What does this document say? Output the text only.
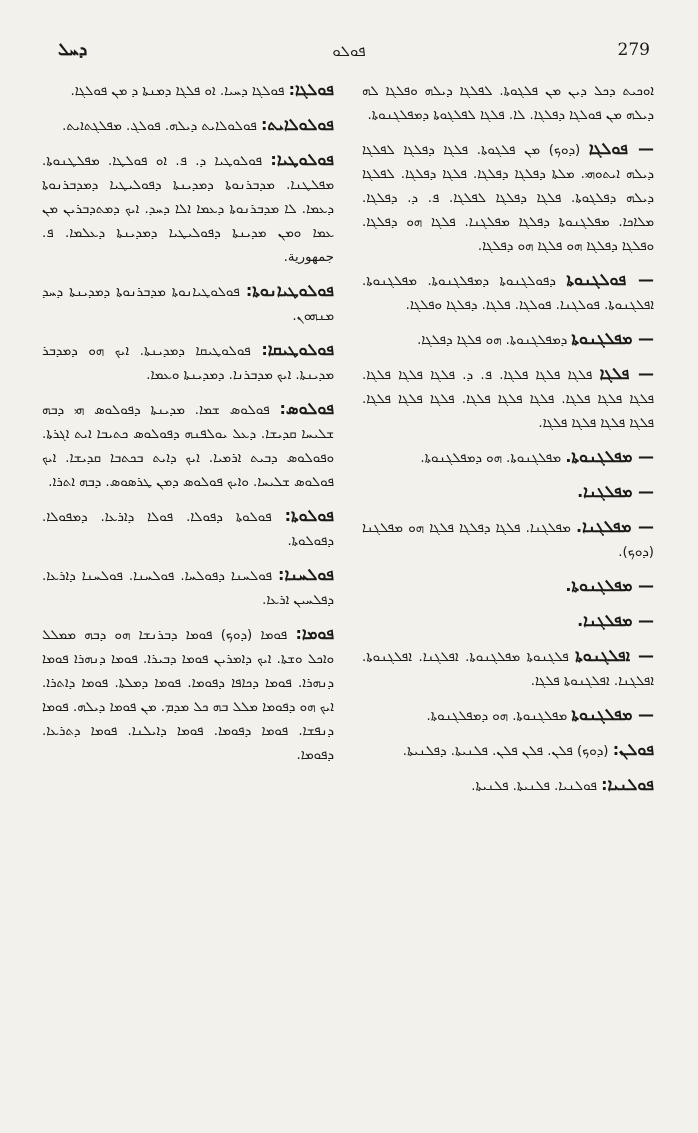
ܕܚܠ	ܦܘܠܘ	279

ܦܘܠܓܐ: ܦܘܠܓܐ ܕܚܝܐ. ܐܘ ܦܠܓܐ ܕܡܢܬܐ ܕ ܡܢ ܦܘܠܓܐ.

ܦܘܠܘܠܐܝܬ: ܦܘܠܘܠܐܝܬ ܕܝܠܗ. ܦܘܠܓ. ܡܦܠܓܬܐܝܬ.

ܦܘܠܘܛܝܐ: ܦܘܠܘܛܝܐ ܕ. ܦ. ܐܘ ܦܘܠܛܐ. ܡܦܠܛܢܘܬܐ. ܡܦܠܛܢܐ. ܡܕܒܪܢܘܬܐ ܕܡܕܝܢܬܐ ܕܦܘܠܝܛܝܐ ܕܡܕܒܪܢܘܬܐ ܕܥܡܐ. ܠܐ ܡܕܒܪܢܘܬܐ ܕܥܡܐ ܐܠܐ ܕܚܕ. ܐܝܟ ܕܡܬܕܒܪܝܢ ܡܢ ܥܡܐ ܘܡܢ ܡܕܝܢܬܐ ܕܦܘܠܝܛܝܐ ܕܡܕܝܢܬܐ ܕܥܠܡܐ. ܦ. جمهورية.

ܦܘܠܘܛܝܐܢܘܬܐ: ܦܘܠܘܛܝܐܢܘܬܐ ܡܕܒܪܢܘܬܐ ܕܡܕܝܢܬܐ ܕܚܕ ܡܢܗܘܢ.

ܦܘܠܘܛܝܩܐ: ܦܘܠܘܛܝܩܐ ܕܡܕܝܢܬܐ. ܐܝܟ ܗܘ ܕܡܕܒܪ ܡܕܝܢܬܐ. ܐܝܟ ܡܕܒܪܢܐ. ܕܡܕܝܢܬܐ ܘܥܡܐ.

ܦܘܠܘܣ: ܦܘܠܘܣ ܫܡܐ. ܡܕܝܢܬܐ ܕܦܘܠܘܣ ܗܝ ܕܒܗ ܫܠܝܚܐ ܩܕܝܫܐ. ܕܥܠ ܝܘܠܦܢܗ ܕܦܘܠܘܣ ܟܬܝܒܐ ܐܝܬ ܐܓܪܬܐ. ܘܦܘܠܘܣ ܕܒܝܬ ܐܪܡܝܐ. ܐܝܟ ܕܐܝܬ ܒܟܬܒܐ ܩܕܝܫܐ. ܐܝܟ ܦܘܠܘܣ ܫܠܝܚܐ. ܘܐܝܟ ܦܘܠܘܣ ܕܡܢ ܛܪܣܘܣ. ܕܒܗ ܐܬܪܐ.

ܦܘܠܘܬܐ: ܦܘܠܘܬܐ ܕܦܘܠܐ. ܦܘܠܐ ܕܐܪܥܐ. ܕܡܦܘܠܐ. ܕܦܘܠܘܬܐ.

ܦܘܠܚܢܐ: ܦܘܠܚܢܐ ܕܦܘܠܚܐ. ܦܘܠܚܢܐ. ܦܘܠܚܢܐ ܕܐܪܥܐ. ܕܦܠܚܝܢ ܐܪܥܐ.

ܦܘܡܐ: ܦܘܡܐ (ܕܘܟ) ܦܘܡܐ ܕܒܪܢܫܐ ܗܘ ܕܒܗ ܡܡܠܠ ܘܐܟܠ ܘܫܬܐ. ܐܝܟ ܕܐܡܪܝܢ ܦܘܡܐ ܕܒܝܪܐ. ܦܘܡܐ ܕܢܗܪܐ ܦܘܡܐ ܕܢܗܪܐ. ܦܘܡܐ ܕܟܐܦܐ ܕܦܘܡܐ. ܦܘܡܐ ܕܡܠܬܐ. ܦܘܡܐ ܕܐܬܪܐ. ܐܝܟ ܗܘ ܕܦܘܡܐ ܡܠܠ ܒܗ ܟܠ ܡܕܡ. ܡܢ ܦܘܡܐ ܕܝܠܗ. ܦܘܡܐ ܕܢܦܫܐ. ܦܘܡܐ ܕܦܘܡܐ. ܦܘܡܐ ܕܐܝܠܢܐ. ܦܘܡܐ ܕܬܪܥܐ. ܕܦܘܡܐ.

ܐܘܟܝܬ ܕܟܠ ܕܝܢ ܡܢ ܦܠܓܘܬܐ. ܠܦܠܓܐ ܕܝܠܗ ܘܦܠܓܐ ܠܗ ܕܝܠܗ ܡܢ ܦܘܠܓܐ ܕܦܠܓܐ. ܠܐ. ܦܠܓܐ ܠܦܠܓܘܬܐ ܕܡܦܠܓܢܘܬܐ.

— ܦܘܠܓܐ (ܕܘܟ) ܡܢ ܦܠܓܘܬܐ. ܦܠܓܐ ܕܦܠܓܐ ܠܦܠܓܐ ܕܝܠܗ ܐܝܬܘܗܝ. ܡܠܬܐ ܕܦܠܓܐ ܕܦܠܓܐ. ܦܠܓܐ ܕܦܠܓܐ. ܠܦܠܓܐ ܕܝܠܗ ܕܦܠܓܘܬܐ. ܦܠܓܐ ܕܦܠܓܐ ܠܦܠܓܐ. ܦ. ܕ. ܕܦܠܓܐ. ܡܠܐܟܐ. ܡܦܠܓܢܘܬܐ ܕܦܠܓܐ ܡܦܠܓܢܐ. ܦܠܓܐ ܗܘ ܕܦܠܓܐ. ܘܦܠܓܐ ܕܦܠܓܐ ܗܘ ܦܠܓܐ ܗܘ ܕܦܠܓܐ.

— ܦܘܠܓܢܘܬܐ ܕܦܘܠܓܢܘܬܐ ܕܡܦܠܓܢܘܬܐ. ܡܦܠܓܢܘܬܐ. ܐܦܠܓܢܘܬܐ. ܦܘܠܓܢܐ. ܦܘܠܓܐ. ܦܠܓܐ. ܕܦܠܓܐ ܘܦܠܓܐ.

— ܡܦܠܓܢܘܬܐ ܕܡܦܠܓܢܘܬܐ. ܗܘ ܦܠܓܐ ܕܦܠܓܐ.

— ܦܠܓܐ ܦܠܓܐ ܦܠܓܐ ܦܠܓܐ. ܦ. ܕ. ܦܠܓܐ ܦܠܓܐ ܦܠܓܐ. ܦܠܓܐ ܦܠܓܐ ܦܠܓܐ. ܦܠܓܐ ܦܠܓܐ ܦܠܓܐ. ܦܠܓܐ ܦܠܓܐ ܦܠܓܐ. ܦܠܓܐ ܦܠܓܐ ܦܠܓܐ ܦܠܓܐ.

— ܡܦܠܓܢܘܬܐ. ܡܦܠܓܢܘܬܐ. ܗܘ ܕܡܦܠܓܢܘܬܐ.

— ܡܦܠܓܢܐ.

— ܡܦܠܓܢܐ. ܡܦܠܓܢܐ. ܦܠܓܐ ܕܦܠܓܐ ܦܠܓܐ ܗܘ ܡܦܠܓܢܐ (ܕܘܟ).

— ܡܦܠܓܢܘܬܐ.

— ܡܦܠܓܢܐ.

— ܐܦܠܓܢܘܬܐ ܦܠܓܢܘܬܐ ܡܦܠܓܢܘܬܐ. ܐܦܠܓܢܐ. ܐܦܠܓܢܘܬܐ. ܐܦܠܓܢܐ. ܐܦܠܓܢܘܬܐ ܦܠܓܐ.

— ܡܦܠܓܢܘܬܐ ܡܦܠܓܢܘܬܐ. ܗܘ ܕܡܦܠܓܢܘܬܐ.

ܦܘܠܢ: (ܕܘܟ) ܦܠܢ. ܦܠܢ ܦܠܢ. ܦܠܢܝܬܐ. ܕܦܠܢܝܬܐ.

ܦܘܠܢܝܐ: ܦܘܠܢܝܐ. ܦܠܢܝܬܐ. ܦܠܢܝܬܐ.
